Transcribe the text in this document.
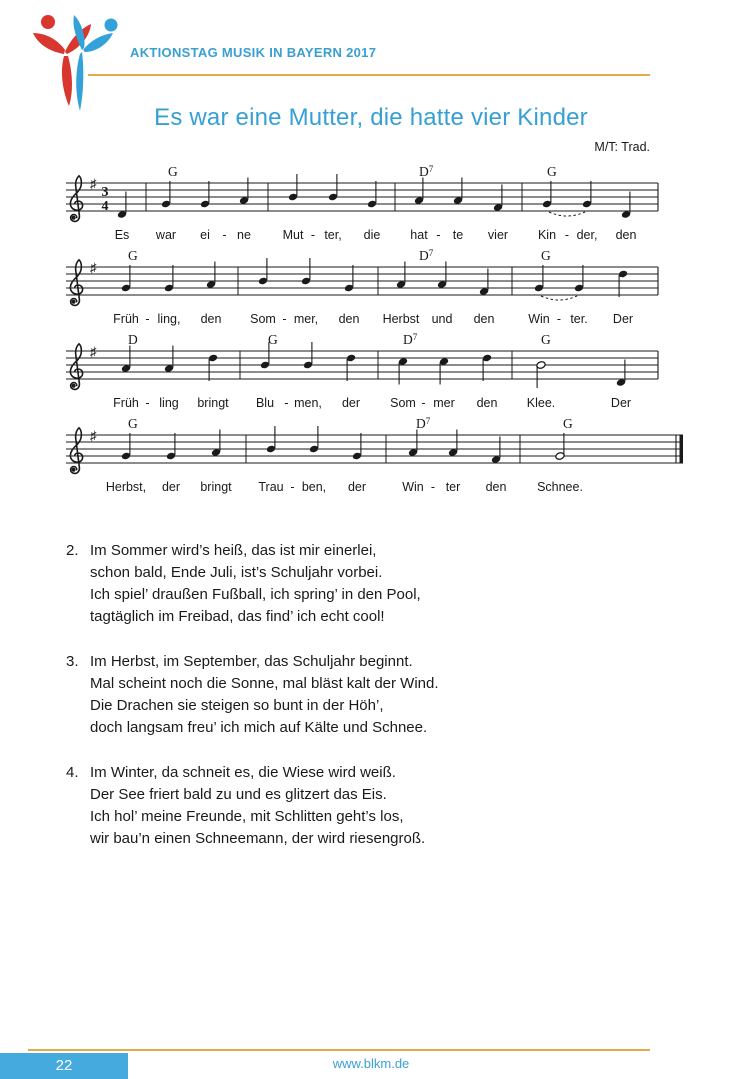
AKTIONSTAG MUSIK IN BAYERN 2017
Es war eine Mutter, die hatte vier Kinder
M/T: Trad.
♯
3
4
G	$D^7$	G
Es war ei - ne	Mut - ter, die hat - te vier Kin - der, den
♯
G	$D^7$	G
Früh - ling, den Som - mer, den Herbst und den	Win - ter. Der
♯
D	G	$D^7$	G
Früh - ling bringt Blu - men, der Som - mer den Klee.	Der
♯
G	$D^7$	G
Herbst, der bringt Trau - ben, der	Win - ter den Schnee.
2. Im Sommer wird’s heiß, das ist mir einerlei,
schon bald, Ende Juli, ist’s Schuljahr vorbei.
Ich spiel’ draußen Fußball, ich spring’ in den Pool,
tagtäglich im Freibad, das find’ ich echt cool!
3. Im Herbst, im September, das Schuljahr beginnt.
Mal scheint noch die Sonne, mal bläst kalt der Wind.
Die Drachen sie steigen so bunt in der Höh’,
doch langsam freu’ ich mich auf Kälte und Schnee.
4. Im Winter, da schneit es, die Wiese wird weiß.
Der See friert bald zu und es glitzert das Eis.
Ich hol’ meine Freunde, mit Schlitten geht’s los,
wir bau’n einen Schneemann, der wird riesengroß.
22	www.blkm.de
